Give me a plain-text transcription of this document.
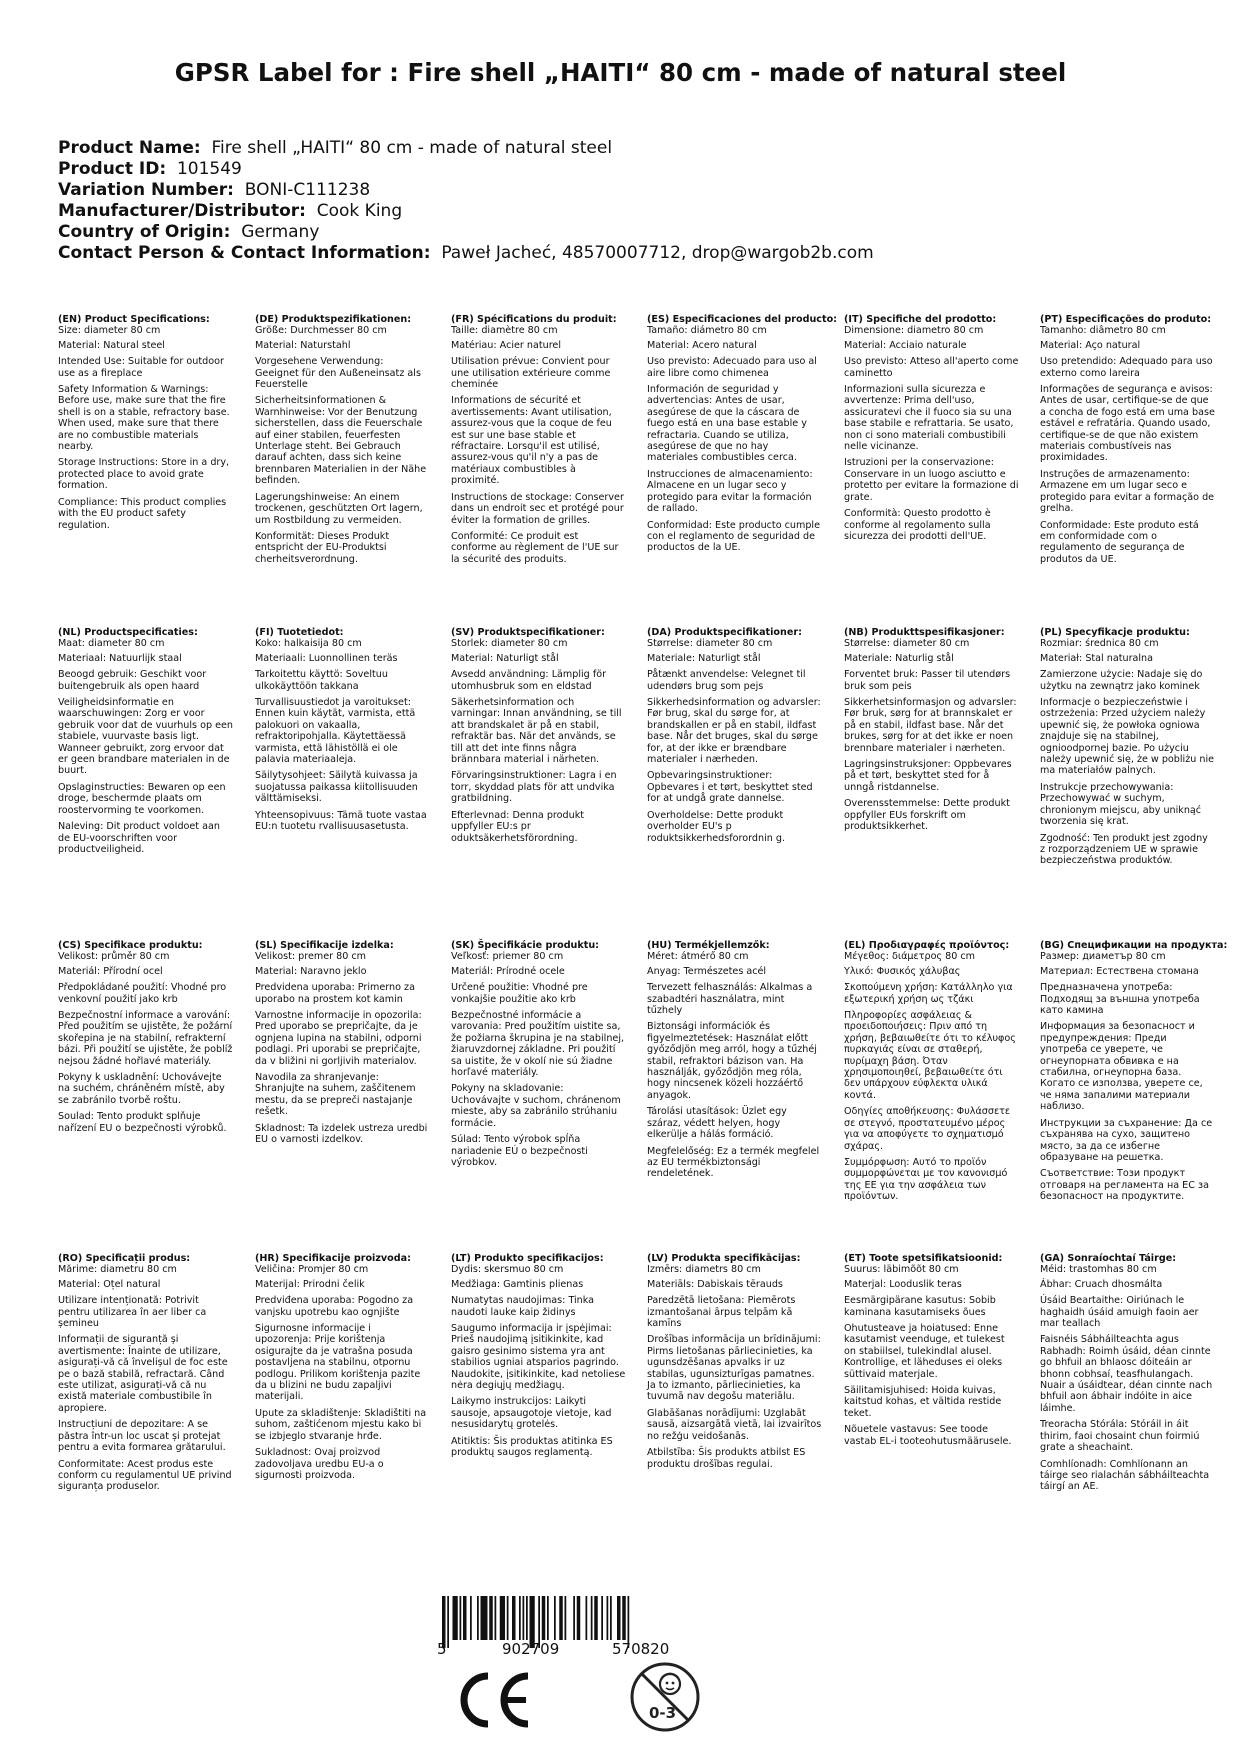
GPSR Label for : Fire shell „HAITI“ 80 cm - made of natural steel
Product Name: Fire shell „HAITI“ 80 cm - made of natural steel
Product ID: 101549
Variation Number: BONI-C111238
Manufacturer/Distributor: Cook King
Country of Origin: Germany
Contact Person & Contact Information: Paweł Jacheć, 48570007712, drop@wargob2b.com
(EN) Product Specifications:

Size: diameter 80 cm

Material: Natural steel

Intended Use: Suitable for outdoor use as a fireplace

Safety Information & Warnings: Before use, make sure that the fire shell is on a stable, refractory base. When used, make sure that there are no combustible materials nearby.

Storage Instructions: Store in a dry, protected place to avoid grate formation.

Compliance: This product complies with the EU product safety regulation.

(DE) Produktspezifikationen:

Größe: Durchmesser 80 cm

Material: Naturstahl

Vorgesehene Verwendung: Geeignet für den Außeneinsatz als Feuerstelle

Sicherheitsinformationen & Warnhinweise: Vor der Benutzung sicherstellen, dass die Feuerschale auf einer stabilen, feuerfesten Unterlage steht. Bei Gebrauch darauf achten, dass sich keine brennbaren Materialien in der Nähe befinden.

Lagerungshinweise: An einem trockenen, geschützten Ort lagern, um Rostbildung zu vermeiden.

Konformität: Dieses Produkt entspricht der EU-Produktsi cherheitsverordnung.

(FR) Spécifications du produit:

Taille: diamètre 80 cm

Matériau: Acier naturel

Utilisation prévue: Convient pour une utilisation extérieure comme cheminée

Informations de sécurité et avertissements: Avant utilisation, assurez-vous que la coque de feu est sur une base stable et réfractaire. Lorsqu'il est utilisé, assurez-vous qu'il n'y a pas de matériaux combustibles à proximité.

Instructions de stockage: Conserver dans un endroit sec et protégé pour éviter la formation de grilles.

Conformité: Ce produit est conforme au règlement de l'UE sur la sécurité des produits.

(ES) Especificaciones del producto:

Tamaño: diámetro 80 cm

Material: Acero natural

Uso previsto: Adecuado para uso al aire libre como chimenea

Información de seguridad y advertencias: Antes de usar, asegúrese de que la cáscara de fuego está en una base estable y refractaria. Cuando se utiliza, asegúrese de que no hay materiales combustibles cerca.

Instrucciones de almacenamiento: Almacene en un lugar seco y protegido para evitar la formación de rallado.

Conformidad: Este producto cumple con el reglamento de seguridad de productos de la UE.

(IT) Specifiche del prodotto:

Dimensione: diametro 80 cm

Material: Acciaio naturale

Uso previsto: Atteso all'aperto come caminetto

Informazioni sulla sicurezza e avvertenze: Prima dell'uso, assicuratevi che il fuoco sia su una base stabile e refrattaria. Se usato, non ci sono materiali combustibili nelle vicinanze.

Istruzioni per la conservazione: Conservare in un luogo asciutto e protetto per evitare la formazione di grate.

Conformità: Questo prodotto è conforme al regolamento sulla sicurezza dei prodotti dell'UE.

(PT) Especificações do produto:

Tamanho: diâmetro 80 cm

Material: Aço natural

Uso pretendido: Adequado para uso externo como lareira

Informações de segurança e avisos: Antes de usar, certifique-se de que a concha de fogo está em uma base estável e refratária. Quando usado, certifique-se de que não existem materiais combustíveis nas proximidades.

Instruções de armazenamento: Armazene em um lugar seco e protegido para evitar a formação de grelha.

Conformidade: Este produto está em conformidade com o regulamento de segurança de produtos da UE.

(NL) Productspecificaties:

Maat: diameter 80 cm

Materiaal: Natuurlijk staal

Beoogd gebruik: Geschikt voor buitengebruik als open haard

Veiligheidsinformatie en waarschuwingen: Zorg er voor gebruik voor dat de vuurhuls op een stabiele, vuurvaste basis ligt. Wanneer gebruikt, zorg ervoor dat er geen brandbare materialen in de buurt.

Opslaginstructies: Bewaren op een droge, beschermde plaats om roostervorming te voorkomen.

Naleving: Dit product voldoet aan de EU-voorschriften voor productveiligheid.

(FI) Tuotetiedot:

Koko: halkaisija 80 cm

Materiaali: Luonnollinen teräs

Tarkoitettu käyttö: Soveltuu ulkokäyttöön takkana

Turvallisuustiedot ja varoitukset: Ennen kuin käytät, varmista, että palokuori on vakaalla, refraktoripohjalla. Käytettäessä varmista, että lähistöllä ei ole palavia materiaaleja.

Säilytysohjeet: Säilytä kuivassa ja suojatussa paikassa kiitollisuuden välttämiseksi.

Yhteensopivuus: Tämä tuote vastaa EU:n tuotetu rvallisuusasetusta.

(SV) Produktspecifikationer:

Storlek: diameter 80 cm

Material: Naturligt stål

Avsedd användning: Lämplig för utomhusbruk som en eldstad

Säkerhetsinformation och varningar: Innan användning, se till att brandskalet är på en stabil, refraktär bas. När det används, se till att det inte finns några brännbara material i närheten.

Förvaringsinstruktioner: Lagra i en torr, skyddad plats för att undvika gratbildning.

Efterlevnad: Denna produkt uppfyller EU:s pr oduktsäkerhetsförordning.

(DA) Produktspecifikationer:

Størrelse: diameter 80 cm

Materiale: Naturligt stål

Påtænkt anvendelse: Velegnet til udendørs brug som pejs

Sikkerhedsinformation og advarsler: Før brug, skal du sørge for, at brandskallen er på en stabil, ildfast base. Når det bruges, skal du sørge for, at der ikke er brændbare materialer i nærheden.

Opbevaringsinstruktioner: Opbevares i et tørt, beskyttet sted for at undgå grate dannelse.

Overholdelse: Dette produkt overholder EU's p roduktsikkerhedsforordnin g.

(NB) Produkttspesifikasjoner:

Størrelse: diameter 80 cm

Materiale: Naturlig stål

Forventet bruk: Passer til utendørs bruk som peis

Sikkerhetsinformasjon og advarsler: Før bruk, sørg for at brannskalet er på en stabil, ildfast base. Når det brukes, sørg for at det ikke er noen brennbare materialer i nærheten.

Lagringsinstruksjoner: Oppbevares på et tørt, beskyttet sted for å unngå ristdannelse.

Overensstemmelse: Dette produkt oppfyller EUs forskrift om produktsikkerhet.

(PL) Specyfikacje produktu:

Rozmiar: średnica 80 cm

Materiał: Stal naturalna

Zamierzone użycie: Nadaje się do użytku na zewnątrz jako kominek

Informacje o bezpieczeństwie i ostrzeżenia: Przed użyciem należy upewnić się, że powłoka ogniowa znajduje się na stabilnej, ognioodpornej bazie. Po użyciu należy upewnić się, że w pobliżu nie ma materiałów palnych.

Instrukcje przechowywania: Przechowywać w suchym, chronionym miejscu, aby uniknąć tworzenia się krat.

Zgodność: Ten produkt jest zgodny z rozporządzeniem UE w sprawie bezpieczeństwa produktów.

(CS) Specifikace produktu:

Velikost: průměr 80 cm

Materiál: Přírodní ocel

Předpokládané použití: Vhodné pro venkovní použití jako krb

Bezpečnostní informace a varování: Před použitím se ujistěte, že požární skořepina je na stabilní, refrakterní bázi. Při použití se ujistěte, že poblíž nejsou žádné hořlavé materiály.

Pokyny k uskladnění: Uchovávejte na suchém, chráněném místě, aby se zabránilo tvorbě roštu.

Soulad: Tento produkt splňuje nařízení EU o bezpečnosti výrobků.

(SL) Specifikacije izdelka:

Velikost: premer 80 cm

Material: Naravno jeklo

Predvidena uporaba: Primerno za uporabo na prostem kot kamin

Varnostne informacije in opozorila: Pred uporabo se prepričajte, da je ognjena lupina na stabilni, odporni podlagi. Pri uporabi se prepričajte, da v bližini ni gorljivih materialov.

Navodila za shranjevanje: Shranjujte na suhem, zaščitenem mestu, da se prepreči nastajanje rešetk.

Skladnost: Ta izdelek ustreza uredbi EU o varnosti izdelkov.

(SK) Špecifikácie produktu:

Veľkosť: priemer 80 cm

Materiál: Prírodné ocele

Určené použitie: Vhodné pre vonkajšie použitie ako krb

Bezpečnostné informácie a varovania: Pred použitím uistite sa, že požiarna škrupina je na stabilnej, žiaruvzdornej základne. Pri použití sa uistite, že v okolí nie sú žiadne horľavé materiály.

Pokyny na skladovanie: Uchovávajte v suchom, chránenom mieste, aby sa zabránilo strúhaniu formácie.

Súlad: Tento výrobok spĺňa nariadenie EÚ o bezpečnosti výrobkov.

(HU) Termékjellemzők:

Méret: átmérő 80 cm

Anyag: Természetes acél

Tervezett felhasználás: Alkalmas a szabadtéri használatra, mint tűzhely

Biztonsági információk és figyelmeztetések: Használat előtt győződjön meg arról, hogy a tűzhéj stabil, refraktori bázison van. Ha használják, győződjön meg róla, hogy nincsenek közeli hozzáértő anyagok.

Tárolási utasítások: Üzlet egy száraz, védett helyen, hogy elkerülje a hálás formáció.

Megfelelőség: Ez a termék megfelel az EU termékbiztonsági rendeletének.

(EL) Προδιαγραφές προϊόντος:

Μέγεθος: διάμετρος 80 cm

Υλικό: Φυσικός χάλυβας

Σκοπούμενη χρήση: Κατάλληλο για εξωτερική χρήση ως τζάκι

Πληροφορίες ασφάλειας & προειδοποιήσεις: Πριν από τη χρήση, βεβαιωθείτε ότι το κέλυφος πυρκαγιάς είναι σε σταθερή, πυρίμαχη βάση. Όταν χρησιμοποιηθεί, βεβαιωθείτε ότι δεν υπάρχουν εύφλεκτα υλικά κοντά.

Οδηγίες αποθήκευσης: Φυλάσσετε σε στεγνό, προστατευμένο μέρος για να αποφύγετε το σχηματισμό σχάρας.

Συμμόρφωση: Αυτό το προϊόν συμμορφώνεται με τον κανονισμό της ΕΕ για την ασφάλεια των προϊόντων.

(BG) Спецификации на продукта:

Размер: диаметър 80 cm

Материал: Естествена стомана

Предназначена употреба: Подходящ за външна употреба като камина

Информация за безопасност и предупреждения: Преди употреба се уверете, че огнеупорната обвивка е на стабилна, огнеупорна база. Когато се използва, уверете се, че няма запалими материали наблизо.

Инструкции за съхранение: Да се съхранява на сухо, защитено място, за да се избегне образуване на решетка.

Съответствие: Този продукт отговаря на регламента на ЕС за безопасност на продуктите.

(RO) Specificații produs:

Mărime: diametru 80 cm

Material: Oțel natural

Utilizare intenționată: Potrivit pentru utilizarea în aer liber ca șemineu

Informații de siguranță și avertismente: Înainte de utilizare, asigurați-vă că învelișul de foc este pe o bază stabilă, refractară. Când este utilizat, asigurați-vă că nu există materiale combustibile în apropiere.

Instrucțiuni de depozitare: A se păstra într-un loc uscat și protejat pentru a evita formarea grătarului.

Conformitate: Acest produs este conform cu regulamentul UE privind siguranța produselor.

(HR) Specifikacije proizvoda:

Veličina: Promjer 80 cm

Materijal: Prirodni čelik

Predviđena uporaba: Pogodno za vanjsku upotrebu kao ognjište

Sigurnosne informacije i upozorenja: Prije korištenja osigurajte da je vatrašna posuda postavljena na stabilnu, otpornu podlogu. Prilikom korištenja pazite da u blizini ne budu zapaljivi materijali.

Upute za skladištenje: Skladištiti na suhom, zaštićenom mjestu kako bi se izbjeglo stvaranje hrđe.

Sukladnost: Ovaj proizvod zadovoljava uredbu EU-a o sigurnosti proizvoda.

(LT) Produkto specifikacijos:

Dydis: skersmuo 80 cm

Medžiaga: Gamtinis plienas

Numatytas naudojimas: Tinka naudoti lauke kaip židinys

Saugumo informacija ir įspėjimai: Prieš naudojimą įsitikinkite, kad gaisro gesinimo sistema yra ant stabilios ugniai atsparios pagrindo. Naudokite, įsitikinkite, kad netoliese nėra degiųjų medžiagų.

Laikymo instrukcijos: Laikyti sausoje, apsaugotoje vietoje, kad nesusidarytų grotelės.

Atitiktis: Šis produktas atitinka ES produktų saugos reglamentą.

(LV) Produkta specifikācijas:

Izmērs: diametrs 80 cm

Materiāls: Dabiskais tērauds

Paredzētā lietošana: Piemērots izmantošanai ārpus telpām kā kamīns

Drošības informācija un brīdinājumi: Pirms lietošanas pārliecinieties, ka ugunsdzēšanas apvalks ir uz stabilas, ugunsizturīgas pamatnes. Ja to izmanto, pārliecinieties, ka tuvumā nav degošu materiālu.

Glabāšanas norādījumi: Uzglabāt sausā, aizsargātā vietā, lai izvairītos no režģu veidošanās.

Atbilstība: Šis produkts atbilst ES produktu drošības regulai.

(ET) Toote spetsifikatsioonid:

Suurus: läbimõõt 80 cm

Materjal: Looduslik teras

Eesmärgipärane kasutus: Sobib kaminana kasutamiseks õues

Ohutusteave ja hoiatused: Enne kasutamist veenduge, et tulekest on stabiilsel, tulekindlal alusel. Kontrollige, et läheduses ei oleks süttivaid materjale.

Säilitamisjuhised: Hoida kuivas, kaitstud kohas, et vältida restide teket.

Nõuetele vastavus: See toode vastab EL-i tooteohutusmäärusele.

(GA) Sonraíochtaí Táirge:

Méid: trastomhas 80 cm

Ábhar: Cruach dhosmálta

Úsáid Beartaithe: Oiriúnach le haghaidh úsáid amuigh faoin aer mar teallach

Faisnéis Sábháilteachta agus Rabhadh: Roimh úsáid, déan cinnte go bhfuil an bhlaosc dóiteáin ar bhonn cobhsaí, teasfhulangach. Nuair a úsáidtear, déan cinnte nach bhfuil aon ábhair indóite in aice láimhe.

Treoracha Stórála: Stóráil in áit thirim, faoi chosaint chun foirmiú grate a sheachaint.

Comhlíonadh: Comhlíonann an táirge seo rialachán sábháilteachta táirgí an AE.

5	902709	570820
0-3
